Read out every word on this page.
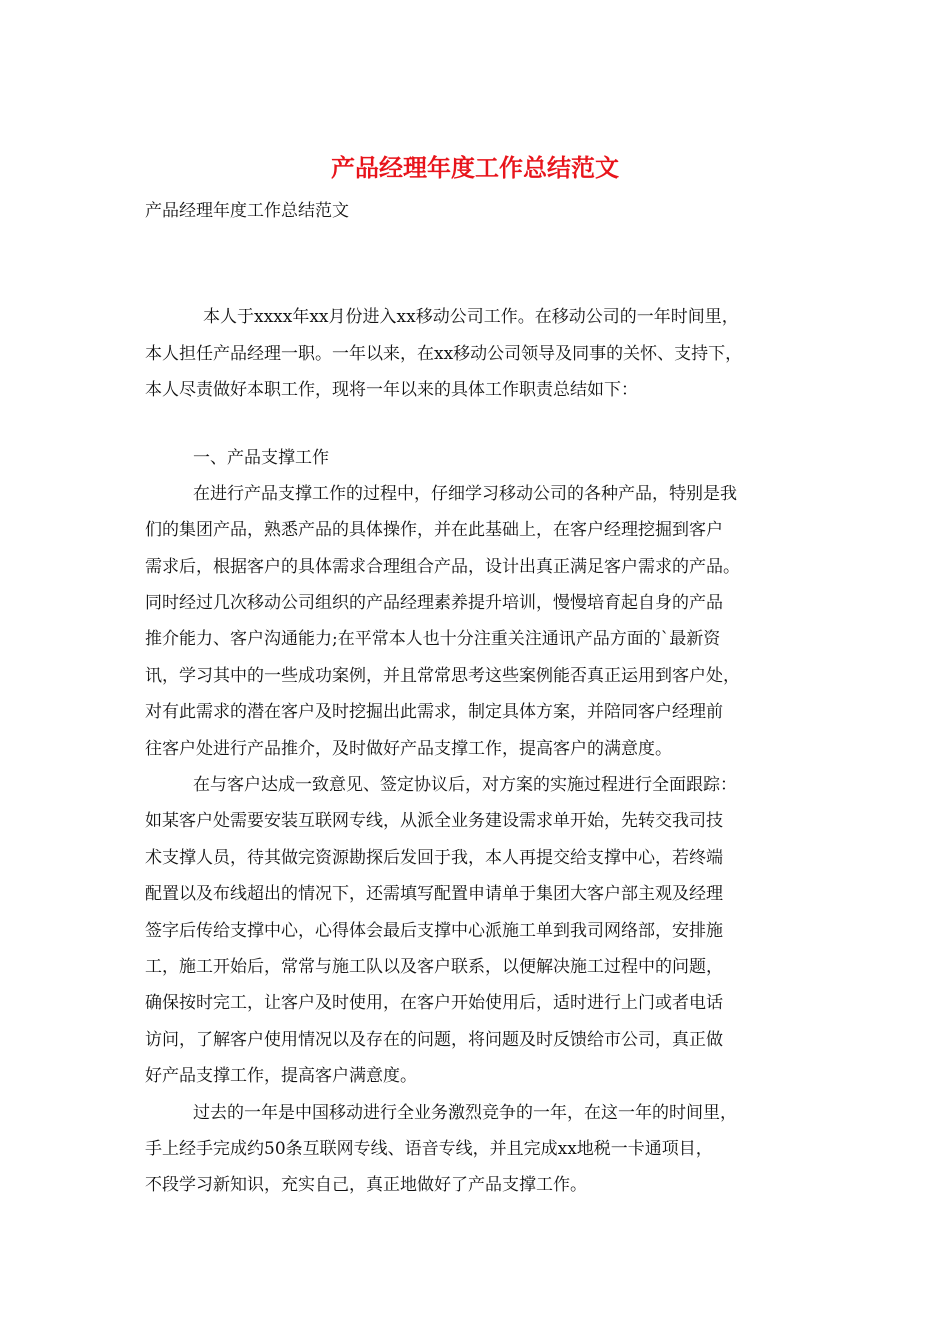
产品经理年度工作总结范文
产品经理年度工作总结范文
本人于xxxx年xx月份进入xx移动公司工作。在移动公司的一年时间里，
本人担任产品经理一职。一年以来，在xx移动公司领导及同事的关怀、支持下，
本人尽责做好本职工作，现将一年以来的具体工作职责总结如下：
一、产品支撑工作
在进行产品支撑工作的过程中，仔细学习移动公司的各种产品，特别是我
们的集团产品，熟悉产品的具体操作，并在此基础上，在客户经理挖掘到客户
需求后，根据客户的具体需求合理组合产品，设计出真正满足客户需求的产品。
同时经过几次移动公司组织的产品经理素养提升培训，慢慢培育起自身的产品
推介能力、客户沟通能力;在平常本人也十分注重关注通讯产品方面的`最新资
讯，学习其中的一些成功案例，并且常常思考这些案例能否真正运用到客户处，
对有此需求的潜在客户及时挖掘出此需求，制定具体方案，并陪同客户经理前
往客户处进行产品推介，及时做好产品支撑工作，提高客户的满意度。
在与客户达成一致意见、签定协议后，对方案的实施过程进行全面跟踪：
如某客户处需要安装互联网专线，从派全业务建设需求单开始，先转交我司技
术支撑人员，待其做完资源勘探后发回于我，本人再提交给支撑中心，若终端
配置以及布线超出的情况下，还需填写配置申请单于集团大客户部主观及经理
签字后传给支撑中心，心得体会最后支撑中心派施工单到我司网络部，安排施
工，施工开始后，常常与施工队以及客户联系，以便解决施工过程中的问题，
确保按时完工，让客户及时使用，在客户开始使用后，适时进行上门或者电话
访问，了解客户使用情况以及存在的问题，将问题及时反馈给市公司，真正做
好产品支撑工作，提高客户满意度。
过去的一年是中国移动进行全业务激烈竞争的一年，在这一年的时间里，
手上经手完成约50条互联网专线、语音专线，并且完成xx地税一卡通项目，
不段学习新知识，充实自己，真正地做好了产品支撑工作。
